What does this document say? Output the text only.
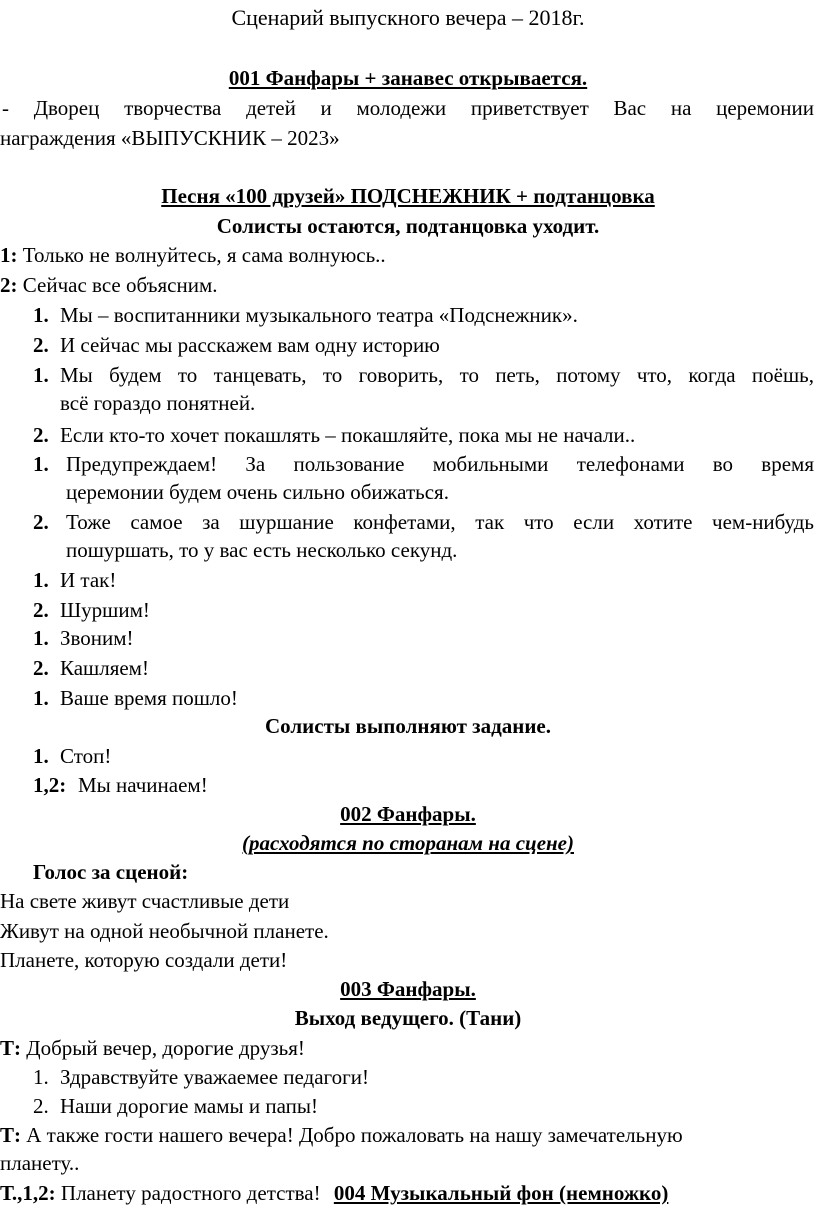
Сценарий выпускного вечера – 2018г.
001 Фанфары + занавес открывается.
- Дворец творчества детей и молодежи приветствует Вас на церемонии
награждения «ВЫПУСКНИК – 2023»
Песня «100 друзей» ПОДСНЕЖНИК + подтанцовка
Солисты остаются, подтанцовка уходит.
1: Только не волнуйтесь, я сама волнуюсь..
2: Сейчас все объясним.
1. Мы – воспитанники музыкального театра «Подснежник».
2. И сейчас мы расскажем вам одну историю
1. Мы будем то танцевать, то говорить, то петь, потому что, когда поёшь,
всё гораздо понятней.
2. Если кто-то хочет покашлять – покашляйте, пока мы не начали..
1. Предупреждаем! За пользование мобильными телефонами во время
церемонии будем очень сильно обижаться.
2. Тоже самое за шуршание конфетами, так что если хотите чем-нибудь
пошуршать, то у вас есть несколько секунд.
1. И так!
2. Шуршим!
1. Звоним!
2. Кашляем!
1. Ваше время пошло!
Солисты выполняют задание.
1. Стоп!
1,2: Мы начинаем!
002 Фанфары.
(расходятся по сторанам на сцене)
Голос за сценой:
На свете живут счастливые дети
Живут на одной необычной планете.
Планете, которую создали дети!
003 Фанфары.
Выход ведущего. (Тани)
Т: Добрый вечер, дорогие друзья!
1. Здравствуйте уважаемее педагоги!
2. Наши дорогие мамы и папы!
Т: А также гости нашего вечера! Добро пожаловать на нашу замечательную
планету..
Т.,1,2: Планету радостного детства! 004 Музыкальный фон (немножко)
